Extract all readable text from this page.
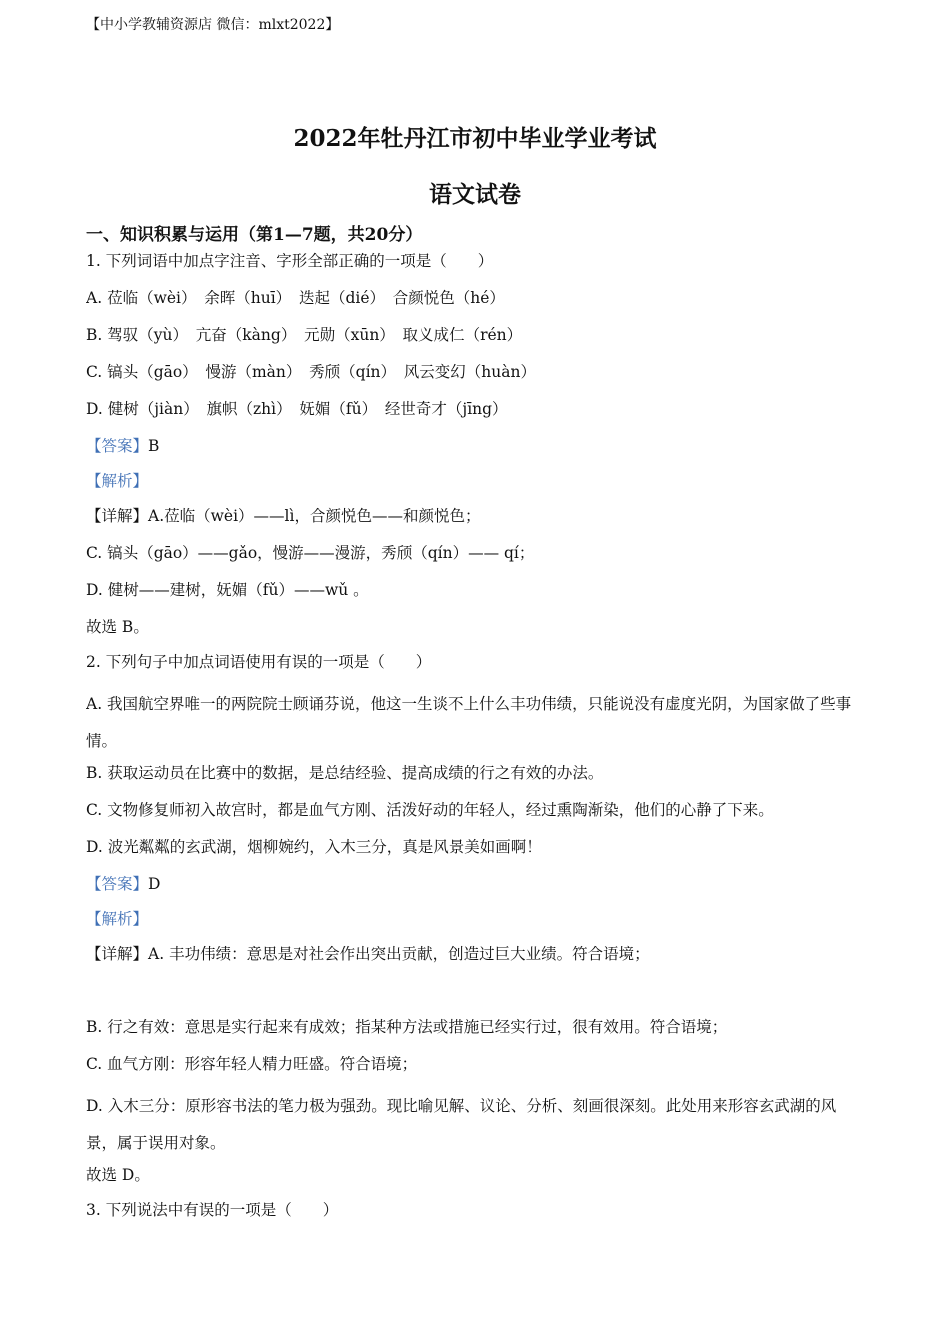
【中小学教辅资源店 微信：mlxt2022】
2022年牡丹江市初中毕业学业考试
语文试卷
一、知识积累与运用（第1—7题，共20分）
1. 下列词语中加点字注音、字形全部正确的一项是（　　）
A. 莅临（wèi）　余晖（huī）　迭起（dié）　合颜悦色（hé）
B. 驾驭（yù）　亢奋（kàng）　元勋（xūn）　取义成仁（rén）
C. 镐头（gāo）　慢游（màn）　秀颀（qín）　风云变幻（huàn）
D. 健树（jiàn）　旗帜（zhì）　妩媚（fǔ）　经世奇才（jīng）
【答案】B
【解析】
【详解】A.莅临（wèi）——lì，合颜悦色——和颜悦色；
C. 镐头（gāo）——gǎo，慢游——漫游，秀颀（qín）—— qí；
D. 健树——建树，妩媚（fǔ）——wǔ 。
故选 B。
2. 下列句子中加点词语使用有误的一项是（　　）
A. 我国航空界唯一的两院院士顾诵芬说，他这一生谈不上什么丰功伟绩，只能说没有虚度光阴，为国家做了些事情。
B. 获取运动员在比赛中的数据，是总结经验、提高成绩的行之有效的办法。
C. 文物修复师初入故宫时，都是血气方刚、活泼好动的年轻人，经过熏陶渐染，他们的心静了下来。
D. 波光粼粼的玄武湖，烟柳婉约，入木三分，真是风景美如画啊！
【答案】D
【解析】
【详解】A. 丰功伟绩：意思是对社会作出突出贡献，创造过巨大业绩。符合语境；
B. 行之有效：意思是实行起来有成效；指某种方法或措施已经实行过，很有效用。符合语境；
C. 血气方刚：形容年轻人精力旺盛。符合语境；
D. 入木三分：原形容书法的笔力极为强劲。现比喻见解、议论、分析、刻画很深刻。此处用来形容玄武湖的风景，属于误用对象。
故选 D。
3. 下列说法中有误的一项是（　　）
